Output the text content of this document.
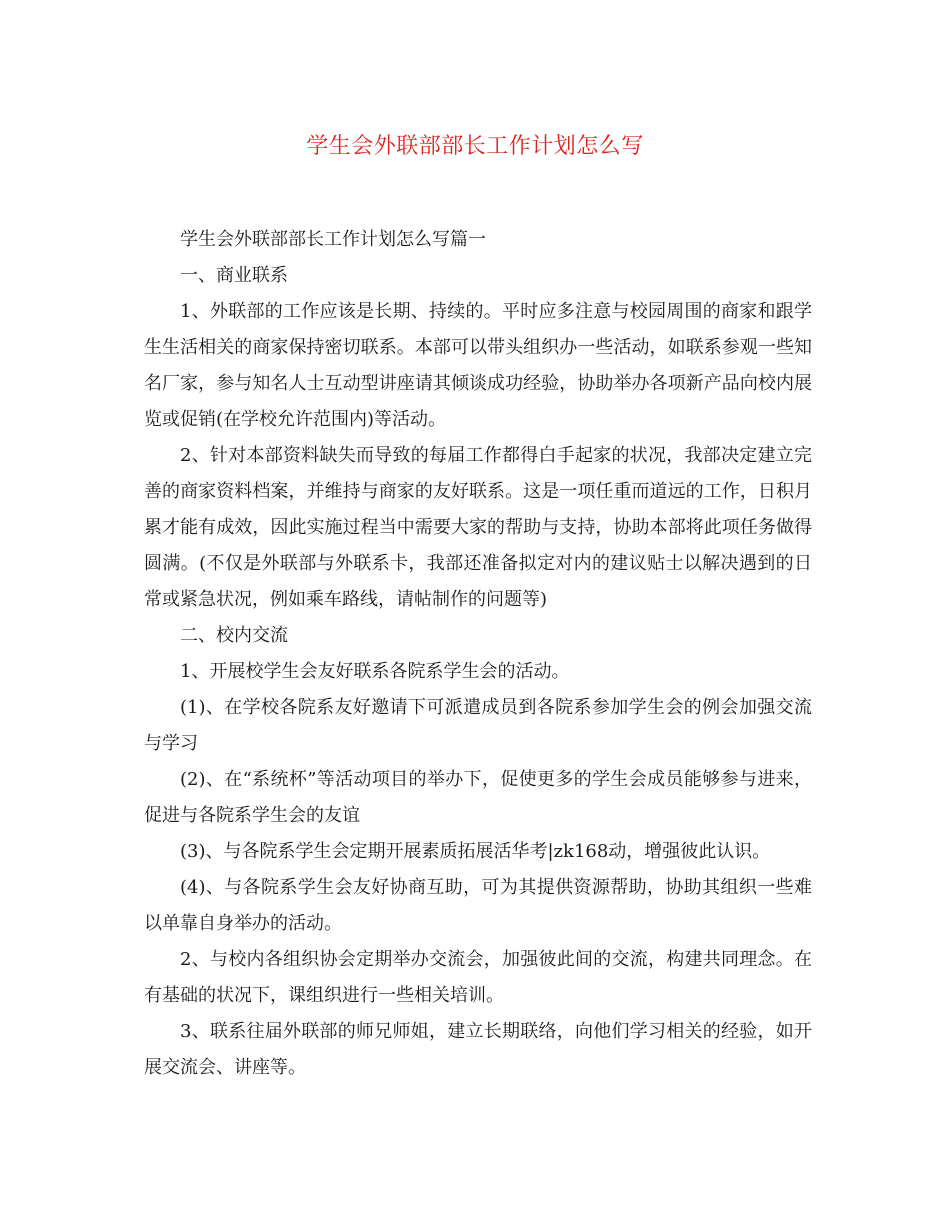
学生会外联部部长工作计划怎么写

学生会外联部部长工作计划怎么写篇一

一、商业联系

1、外联部的工作应该是长期、持续的。平时应多注意与校园周围的商家和跟学生生活相关的商家保持密切联系。本部可以带头组织办一些活动，如联系参观一些知名厂家，参与知名人士互动型讲座请其倾谈成功经验，协助举办各项新产品向校内展览或促销(在学校允许范围内)等活动。

2、针对本部资料缺失而导致的每届工作都得白手起家的状况，我部决定建立完善的商家资料档案，并维持与商家的友好联系。这是一项任重而道远的工作，日积月累才能有成效，因此实施过程当中需要大家的帮助与支持，协助本部将此项任务做得圆满。(不仅是外联部与外联系卡，我部还准备拟定对内的建议贴士以解决遇到的日常或紧急状况，例如乘车路线，请帖制作的问题等)

二、校内交流

1、开展校学生会友好联系各院系学生会的活动。

(1)、在学校各院系友好邀请下可派遣成员到各院系参加学生会的例会加强交流与学习

(2)、在“系统杯”等活动项目的举办下，促使更多的学生会成员能够参与进来，促进与各院系学生会的友谊

(3)、与各院系学生会定期开展素质拓展活华考|zk168动，增强彼此认识。

(4)、与各院系学生会友好协商互助，可为其提供资源帮助，协助其组织一些难以单靠自身举办的活动。

2、与校内各组织协会定期举办交流会，加强彼此间的交流，构建共同理念。在有基础的状况下，课组织进行一些相关培训。

3、联系往届外联部的师兄师姐，建立长期联络，向他们学习相关的经验，如开展交流会、讲座等。
